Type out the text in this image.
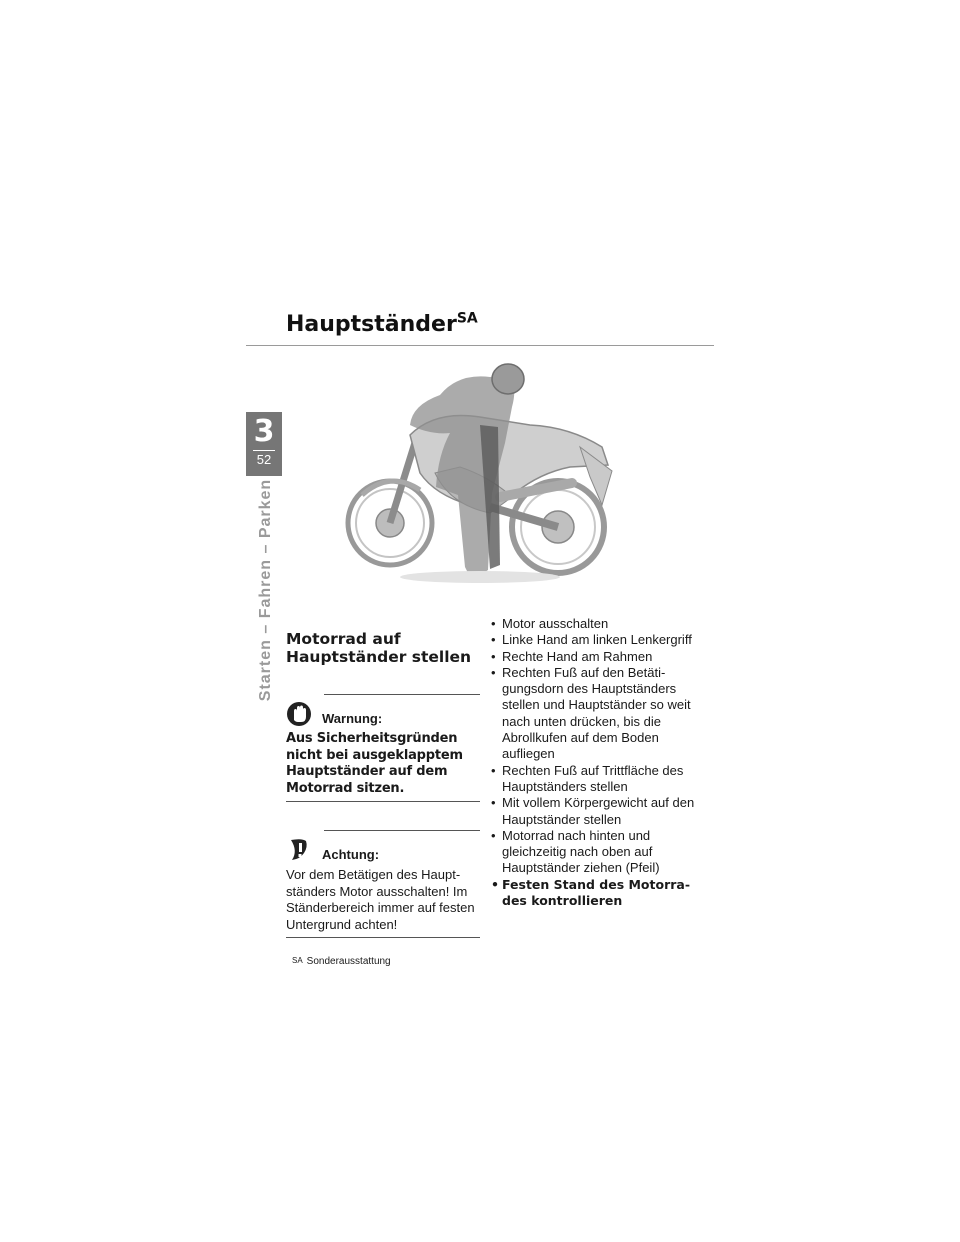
Hauptständer$^{SA}$
3
52
Starten – Fahren – Parken Motorrad auf
Hauptständer stellen
Warnung:

Aus Sicherheitsgründen nicht bei ausgeklapptem Hauptständer auf dem Motorrad sitzen.

Achtung:

Vor dem Betätigen des Hauptständers Motor ausschalten! Im Ständerbereich immer auf festen Untergrund achten!

SA Sonderausstattung
• Motor ausschalten
• Linke Hand am linken Lenkergriff
• Rechte Hand am Rahmen
• Rechten Fuß auf den Betätigungsdorn des Hauptständers stellen und Hauptständer so weit nach unten drücken, bis die Abrollkufen auf dem Boden aufliegen
• Rechten Fuß auf Trittfläche des Hauptständers stellen
• Mit vollem Körpergewicht auf den Hauptständer stellen
• Motorrad nach hinten und gleichzeitig nach oben auf Hauptständer ziehen (Pfeil)
• Festen Stand des Motorrades kontrollieren
